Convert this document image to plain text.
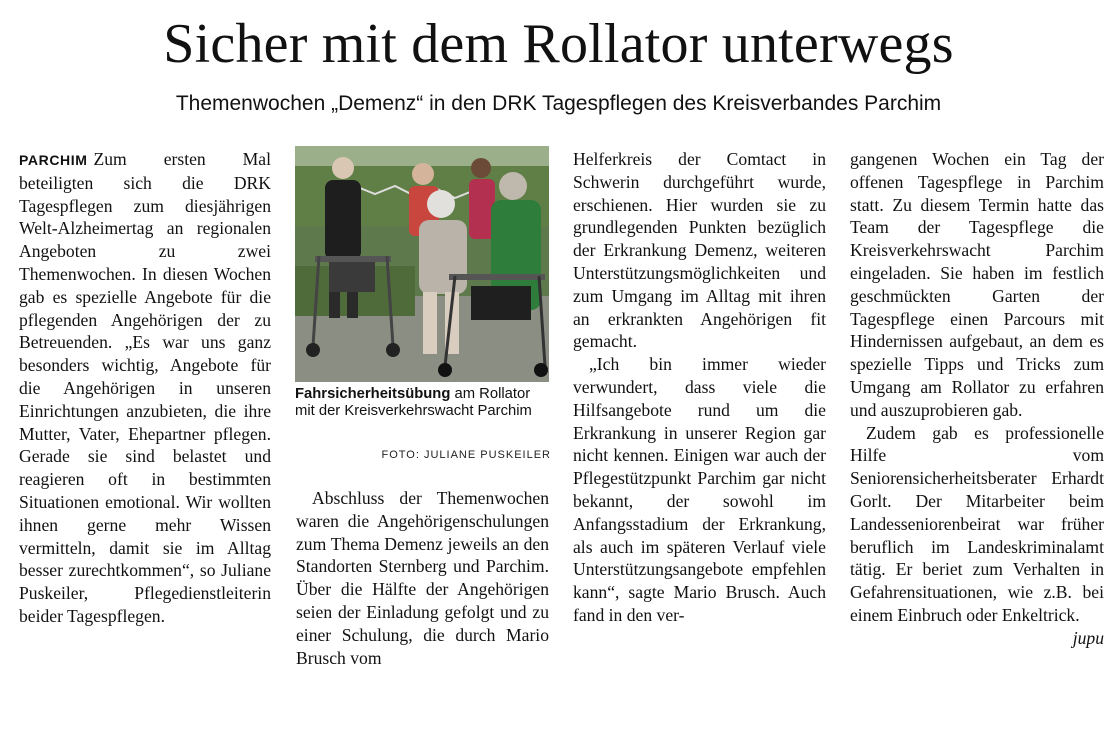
Sicher mit dem Rollator unterwegs
Themenwochen „Demenz“ in den DRK Tagespflegen des Kreisverbandes Parchim

PARCHIM Zum ersten Mal beteiligten sich die DRK Tagespflegen zum diesjährigen Welt-Alzheimertag an regionalen Angeboten zu zwei Themenwochen. In diesen Wochen gab es spezielle Angebote für die pflegenden Angehörigen der zu Betreuenden. „Es war uns ganz besonders wichtig, Angebote für die Angehörigen in unseren Einrichtungen anzubieten, die ihre Mutter, Vater, Ehepartner pflegen. Gerade sie sind belastet und reagieren oft in bestimmten Situationen emotional. Wir wollten ihnen gerne mehr Wissen vermitteln, damit sie im Alltag besser zurechtkommen“, so Juliane Puskeiler, Pflegedienstleiterin beider Tagespflegen.

Fahrsicherheitsübung am Rollator mit der Kreisverkehrswacht Parchim
FOTO: JULIANE PUSKEILER

Abschluss der Themenwochen waren die Angehörigenschulungen zum Thema Demenz jeweils an den Standorten Sternberg und Parchim. Über die Hälfte der Angehörigen seien der Einladung gefolgt und zu einer Schulung, die durch Mario Brusch vom

Helferkreis der Comtact in Schwerin durchgeführt wurde, erschienen. Hier wurden sie zu grundlegenden Punkten bezüglich der Erkrankung Demenz, weiteren Unterstützungsmöglichkeiten und zum Umgang im Alltag mit ihren an erkrankten Angehörigen fit gemacht.

„Ich bin immer wieder verwundert, dass viele die Hilfsangebote rund um die Erkrankung in unserer Region gar nicht kennen. Einigen war auch der Pflegestützpunkt Parchim gar nicht bekannt, der sowohl im Anfangsstadium der Erkrankung, als auch im späteren Verlauf viele Unterstützungsangebote empfehlen kann“, sagte Mario Brusch. Auch fand in den ver-

gangenen Wochen ein Tag der offenen Tagespflege in Parchim statt. Zu diesem Termin hatte das Team der Tagespflege die Kreisverkehrswacht Parchim eingeladen. Sie haben im festlich geschmückten Garten der Tagespflege einen Parcours mit Hindernissen aufgebaut, an dem es spezielle Tipps und Tricks zum Umgang am Rollator zu erfahren und auszuprobieren gab.

Zudem gab es professionelle Hilfe vom Seniorensicherheitsberater Erhardt Gorlt. Der Mitarbeiter beim Landesseniorenbeirat war früher beruflich im Landeskriminalamt tätig. Er beriet zum Verhalten in Gefahrensituationen, wie z.B. bei einem Einbruch oder Enkeltrick.
jupu
